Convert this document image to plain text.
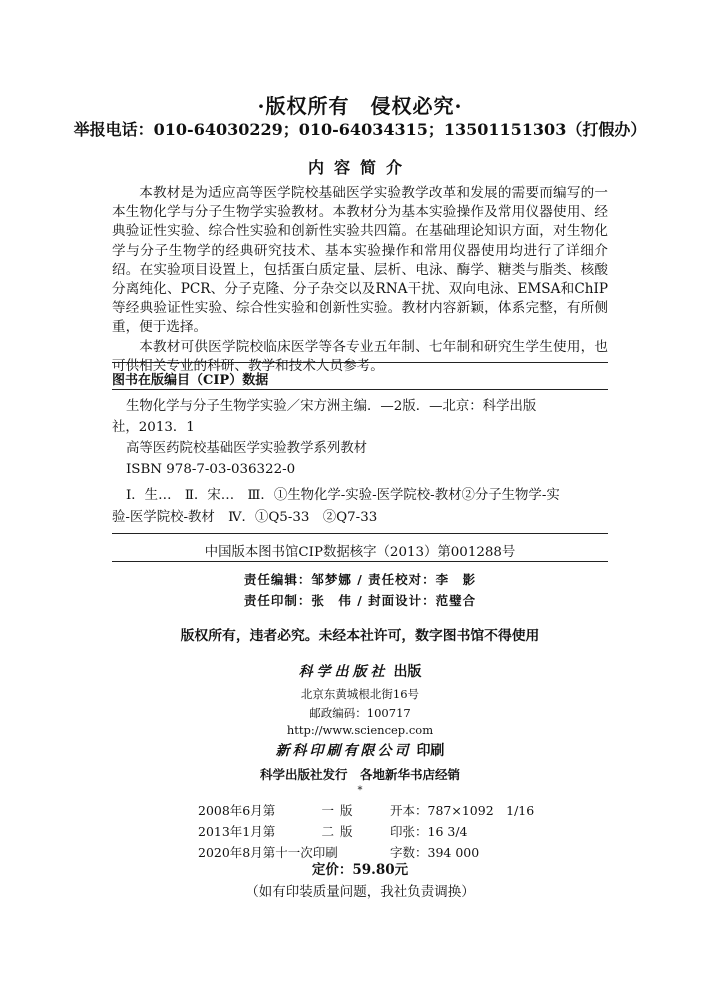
·版权所有　侵权必究·
举报电话：010-64030229；010-64034315；13501151303（打假办）
内容简介

本教材是为适应高等医学院校基础医学实验教学改革和发展的需要而编写的一本生物化学与分子生物学实验教材。本教材分为基本实验操作及常用仪器使用、经典验证性实验、综合性实验和创新性实验共四篇。在基础理论知识方面，对生物化学与分子生物学的经典研究技术、基本实验操作和常用仪器使用均进行了详细介绍。在实验项目设置上，包括蛋白质定量、层析、电泳、酶学、糖类与脂类、核酸分离纯化、PCR、分子克隆、分子杂交以及RNA干扰、双向电泳、EMSA和ChIP等经典验证性实验、综合性实验和创新性实验。教材内容新颖，体系完整，有所侧重，便于选择。

本教材可供医学院校临床医学等各专业五年制、七年制和研究生学生使用，也可供相关专业的科研、教学和技术人员参考。

图书在版编目（CIP）数据
生物化学与分子生物学实验／宋方洲主编．—2版．—北京：科学出版
社，2013．1
高等医药院校基础医学实验教学系列教材
ISBN 978-7-03-036322-0
Ⅰ．生…　Ⅱ．宋…　Ⅲ．①生物化学-实验-医学院校-教材②分子生物学-实
验-医学院校-教材　Ⅳ．①Q5-33　②Q7-33
中国版本图书馆CIP数据核字（2013）第001288号
责任编辑：邹梦娜 / 责任校对：李　影
责任印制：张　伟 / 封面设计：范璧合
版权所有，违者必究。未经本社许可，数字图书馆不得使用
科学出版社 出版
北京东黄城根北街16号
邮政编码：100717
http://www.sciencep.com
新科印刷有限公司 印刷
科学出版社发行　各地新华书店经销
*
2008年6月第	一版	开本：787×1092　1/16
2013年1月第	二版	印张：16 3/4
2020年8月第十一次印刷		字数：394 000
定价：59.80元
（如有印装质量问题，我社负责调换）
